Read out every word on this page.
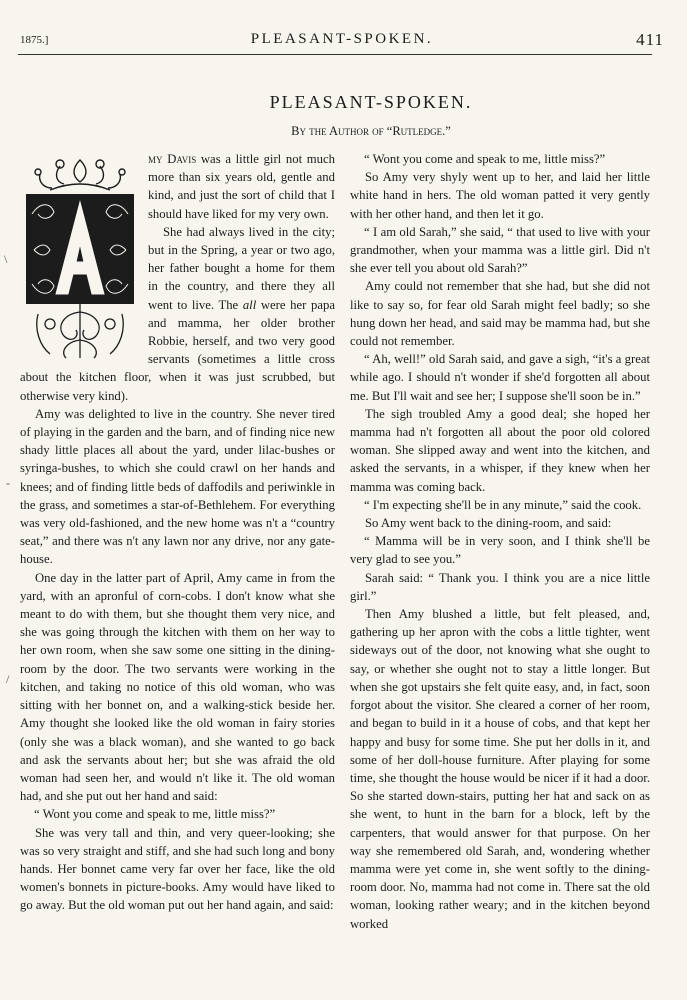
1875.]	PLEASANT-SPOKEN.	411
PLEASANT-SPOKEN.
By the Author of “Rutledge.”

my Davis was a little girl not much more than six years old, gentle and kind, and just the sort of child that I should have liked for my very own.

She had always lived in the city; but in the Spring, a year or two ago, her father bought a home for them in the country, and there they all went to live. The all were her papa and mamma, her older brother Robbie, herself, and two very good servants (sometimes a little cross about the kitchen floor, when it was just scrubbed, but otherwise very kind).

Amy was delighted to live in the country. She never tired of playing in the garden and the barn, and of finding nice new shady little places all about the yard, under lilac-bushes or syringa-bushes, to which she could crawl on her hands and knees; and of finding little beds of daffodils and periwinkle in the grass, and sometimes a star-of-Bethlehem. For everything was very old-fashioned, and the new home was n't a “country seat,” and there was n't any lawn nor any drive, nor any gate-house.

One day in the latter part of April, Amy came in from the yard, with an apronful of corn-cobs. I don't know what she meant to do with them, but she thought them very nice, and she was going through the kitchen with them on her way to her own room, when she saw some one sitting in the dining-room by the door. The two servants were working in the kitchen, and taking no notice of this old woman, who was sitting with her bonnet on, and a walking-stick beside her. Amy thought she looked like the old woman in fairy stories (only she was a black woman), and she wanted to go back and ask the servants about her; but she was afraid the old woman had seen her, and would n't like it. The old woman had, and she put out her hand and said:

“ Wont you come and speak to me, little miss?”

She was very tall and thin, and very queer-looking; she was so very straight and stiff, and she had such long and bony hands. Her bonnet came very far over her face, like the old women's bonnets in picture-books. Amy would have liked to go away. But the old woman put out her hand again, and said:

“ Wont you come and speak to me, little miss?”

So Amy very shyly went up to her, and laid her little white hand in hers. The old woman patted it very gently with her other hand, and then let it go.

“ I am old Sarah,” she said, “ that used to live with your grandmother, when your mamma was a little girl. Did n't she ever tell you about old Sarah?”

Amy could not remember that she had, but she did not like to say so, for fear old Sarah might feel badly; so she hung down her head, and said may be mamma had, but she could not remember.

“ Ah, well!” old Sarah said, and gave a sigh, “it's a great while ago. I should n't wonder if she'd forgotten all about me. But I'll wait and see her; I suppose she'll soon be in.”

The sigh troubled Amy a good deal; she hoped her mamma had n't forgotten all about the poor old colored woman. She slipped away and went into the kitchen, and asked the servants, in a whisper, if they knew when her mamma was coming back.

“ I'm expecting she'll be in any minute,” said the cook.

So Amy went back to the dining-room, and said:

“ Mamma will be in very soon, and I think she'll be very glad to see you.”

Sarah said: “ Thank you. I think you are a nice little girl.”

Then Amy blushed a little, but felt pleased, and, gathering up her apron with the cobs a little tighter, went sideways out of the door, not knowing what she ought to say, or whether she ought not to stay a little longer. But when she got upstairs she felt quite easy, and, in fact, soon forgot about the visitor. She cleared a corner of her room, and began to build in it a house of cobs, and that kept her happy and busy for some time. She put her dolls in it, and some of her doll-house furniture. After playing for some time, she thought the house would be nicer if it had a door. So she started down-stairs, putting her hat and sack on as she went, to hunt in the barn for a block, left by the carpenters, that would answer for that purpose. On her way she remembered old Sarah, and, wondering whether mamma were yet come in, she went softly to the dining-room door. No, mamma had not come in. There sat the old woman, looking rather weary; and in the kitchen beyond worked

\
-
/
